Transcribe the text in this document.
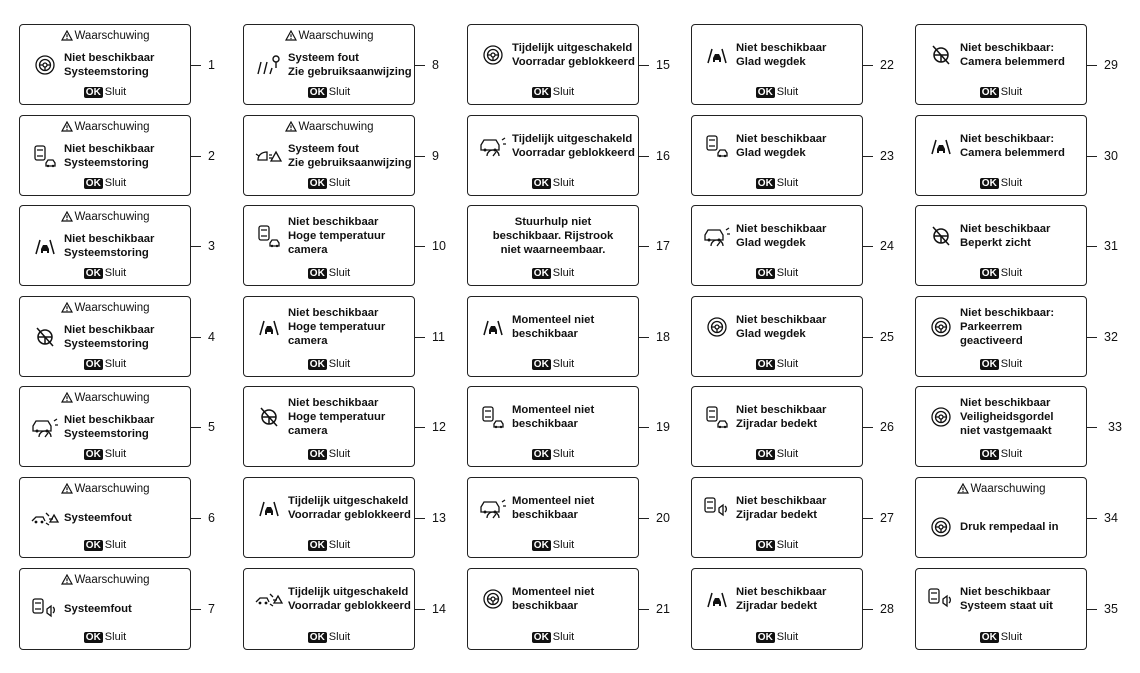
Waarschuwing
Niet beschikbaar
Systeemstoring
OK Sluit
1
Waarschuwing
Niet beschikbaar
Systeemstoring
OK Sluit
2
Waarschuwing
Niet beschikbaar
Systeemstoring
OK Sluit
3
Waarschuwing
Niet beschikbaar
Systeemstoring
OK Sluit
4
Waarschuwing
Niet beschikbaar
Systeemstoring
OK Sluit
5
Waarschuwing
Systeemfout
OK Sluit
6
Waarschuwing
Systeemfout
OK Sluit
7
Waarschuwing
Systeem fout
Zie gebruiksaanwijzing
OK Sluit
8
Waarschuwing
Systeem fout
Zie gebruiksaanwijzing
OK Sluit
9
Niet beschikbaar
Hoge temperatuur
camera
OK Sluit
10
Niet beschikbaar
Hoge temperatuur
camera
OK Sluit
11
Niet beschikbaar
Hoge temperatuur
camera
OK Sluit
12
Tijdelijk uitgeschakeld
Voorradar geblokkeerd
OK Sluit
13
Tijdelijk uitgeschakeld
Voorradar geblokkeerd
OK Sluit
14
Tijdelijk uitgeschakeld
Voorradar geblokkeerd
OK Sluit
15
Tijdelijk uitgeschakeld
Voorradar geblokkeerd
OK Sluit
16
Stuurhulp niet
beschikbaar. Rijstrook
niet waarneembaar.
OK Sluit
17
Momenteel niet
beschikbaar
OK Sluit
18
Momenteel niet
beschikbaar
OK Sluit
19
Momenteel niet
beschikbaar
OK Sluit
20
Momenteel niet
beschikbaar
OK Sluit
21
Niet beschikbaar
Glad wegdek
OK Sluit
22
Niet beschikbaar
Glad wegdek
OK Sluit
23
Niet beschikbaar
Glad wegdek
OK Sluit
24
Niet beschikbaar
Glad wegdek
OK Sluit
25
Niet beschikbaar
Zijradar bedekt
OK Sluit
26
Niet beschikbaar
Zijradar bedekt
OK Sluit
27
Niet beschikbaar
Zijradar bedekt
OK Sluit
28
Niet beschikbaar:
Camera belemmerd
OK Sluit
29
Niet beschikbaar:
Camera belemmerd
OK Sluit
30
Niet beschikbaar
Beperkt zicht
OK Sluit
31
Niet beschikbaar:
Parkeerrem
geactiveerd
OK Sluit
32
Niet beschikbaar
Veiligheidsgordel
niet vastgemaakt
OK Sluit
33
Waarschuwing
Druk rempedaal in
34
Niet beschikbaar
Systeem staat uit
OK Sluit
35
